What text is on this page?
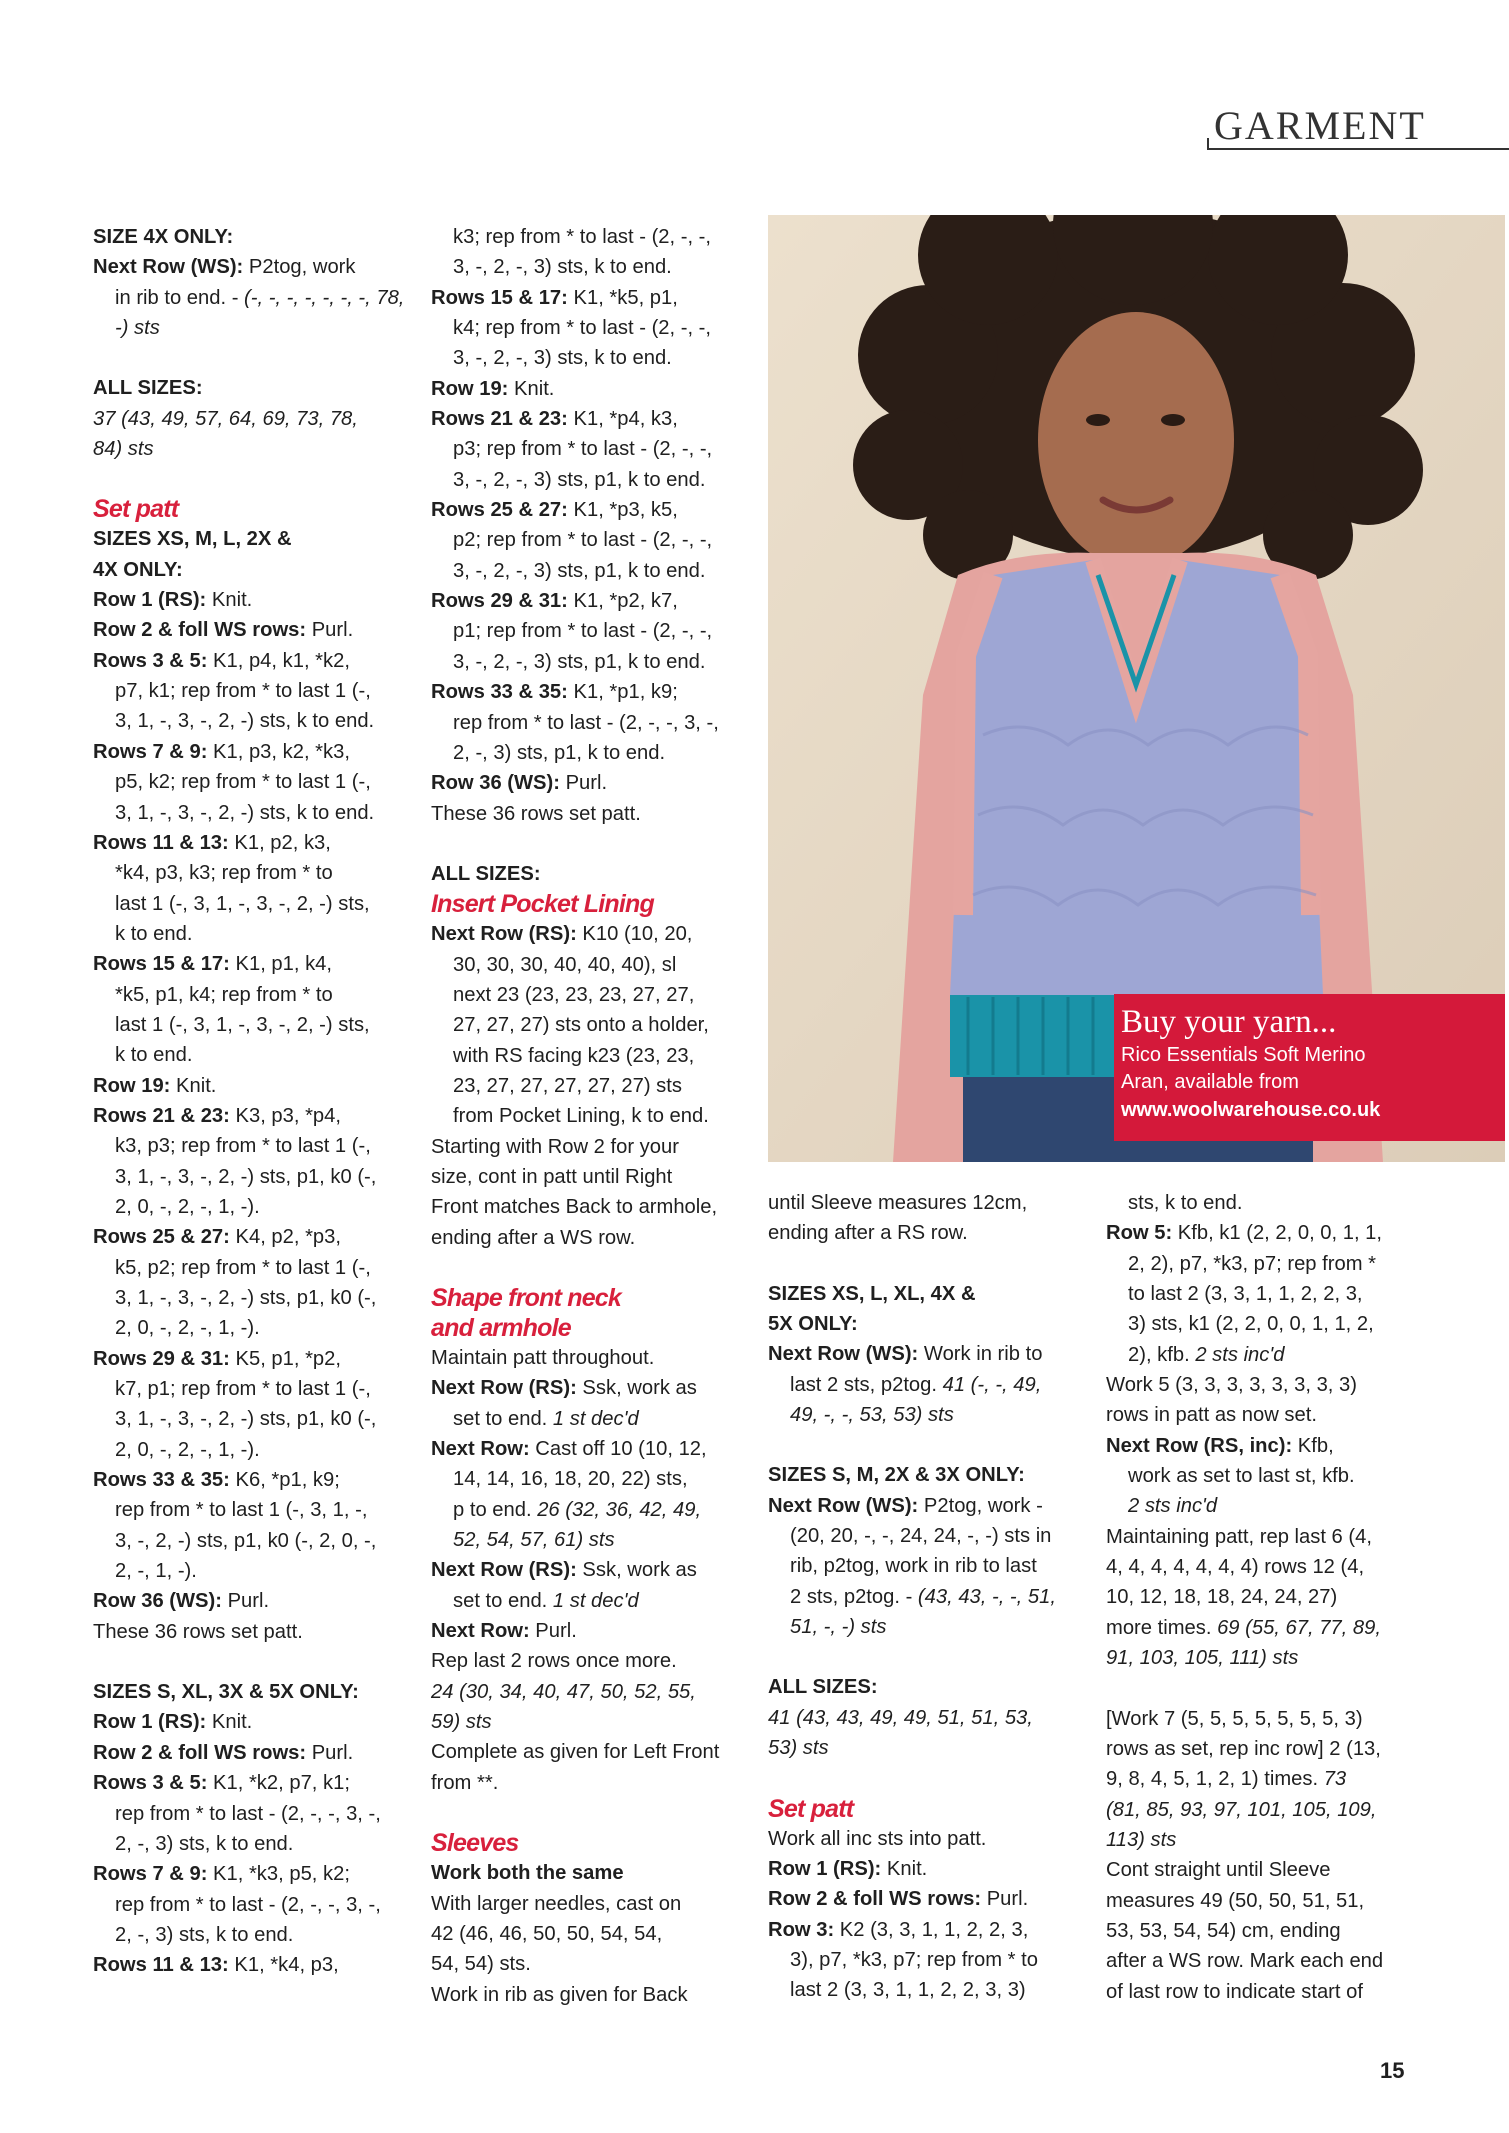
GARMENT
SIZE 4X ONLY:
Next Row (WS): P2tog, work
in rib to end. - (-, -, -, -, -, -, -, 78,
-) sts
ALL SIZES:
37 (43, 49, 57, 64, 69, 73, 78,
84) sts
Set patt
SIZES XS, M, L, 2X &
4X ONLY:
Row 1 (RS): Knit.
Row 2 & foll WS rows: Purl.
Rows 3 & 5: K1, p4, k1, *k2,
p7, k1; rep from * to last 1 (-,
3, 1, -, 3, -, 2, -) sts, k to end.
Rows 7 & 9: K1, p3, k2, *k3,
p5, k2; rep from * to last 1 (-,
3, 1, -, 3, -, 2, -) sts, k to end.
Rows 11 & 13: K1, p2, k3,
*k4, p3, k3; rep from * to
last 1 (-, 3, 1, -, 3, -, 2, -) sts,
k to end.
Rows 15 & 17: K1, p1, k4,
*k5, p1, k4; rep from * to
last 1 (-, 3, 1, -, 3, -, 2, -) sts,
k to end.
Row 19: Knit.
Rows 21 & 23: K3, p3, *p4,
k3, p3; rep from * to last 1 (-,
3, 1, -, 3, -, 2, -) sts, p1, k0 (-,
2, 0, -, 2, -, 1, -).
Rows 25 & 27: K4, p2, *p3,
k5, p2; rep from * to last 1 (-,
3, 1, -, 3, -, 2, -) sts, p1, k0 (-,
2, 0, -, 2, -, 1, -).
Rows 29 & 31: K5, p1, *p2,
k7, p1; rep from * to last 1 (-,
3, 1, -, 3, -, 2, -) sts, p1, k0 (-,
2, 0, -, 2, -, 1, -).
Rows 33 & 35: K6, *p1, k9;
rep from * to last 1 (-, 3, 1, -,
3, -, 2, -) sts, p1, k0 (-, 2, 0, -,
2, -, 1, -).
Row 36 (WS): Purl.
These 36 rows set patt.
SIZES S, XL, 3X & 5X ONLY:
Row 1 (RS): Knit.
Row 2 & foll WS rows: Purl.
Rows 3 & 5: K1, *k2, p7, k1;
rep from * to last - (2, -, -, 3, -,
2, -, 3) sts, k to end.
Rows 7 & 9: K1, *k3, p5, k2;
rep from * to last - (2, -, -, 3, -,
2, -, 3) sts, k to end.
Rows 11 & 13: K1, *k4, p3,
k3; rep from * to last - (2, -, -,
3, -, 2, -, 3) sts, k to end.
Rows 15 & 17: K1, *k5, p1,
k4; rep from * to last - (2, -, -,
3, -, 2, -, 3) sts, k to end.
Row 19: Knit.
Rows 21 & 23: K1, *p4, k3,
p3; rep from * to last - (2, -, -,
3, -, 2, -, 3) sts, p1, k to end.
Rows 25 & 27: K1, *p3, k5,
p2; rep from * to last - (2, -, -,
3, -, 2, -, 3) sts, p1, k to end.
Rows 29 & 31: K1, *p2, k7,
p1; rep from * to last - (2, -, -,
3, -, 2, -, 3) sts, p1, k to end.
Rows 33 & 35: K1, *p1, k9;
rep from * to last - (2, -, -, 3, -,
2, -, 3) sts, p1, k to end.
Row 36 (WS): Purl.
These 36 rows set patt.
ALL SIZES:
Insert Pocket Lining
Next Row (RS): K10 (10, 20,
30, 30, 30, 40, 40, 40), sl
next 23 (23, 23, 23, 27, 27,
27, 27, 27) sts onto a holder,
with RS facing k23 (23, 23,
23, 27, 27, 27, 27, 27) sts
from Pocket Lining, k to end.
Starting with Row 2 for your
size, cont in patt until Right
Front matches Back to armhole,
ending after a WS row.
Shape front neck
and armhole
Maintain patt throughout.
Next Row (RS): Ssk, work as
set to end. 1 st dec'd
Next Row: Cast off 10 (10, 12,
14, 14, 16, 18, 20, 22) sts,
p to end. 26 (32, 36, 42, 49,
52, 54, 57, 61) sts
Next Row (RS): Ssk, work as
set to end. 1 st dec'd
Next Row: Purl.
Rep last 2 rows once more.
24 (30, 34, 40, 47, 50, 52, 55,
59) sts
Complete as given for Left Front
from **.
Sleeves
Work both the same
With larger needles, cast on
42 (46, 46, 50, 50, 54, 54,
54, 54) sts.
Work in rib as given for Back
Buy your yarn...
Rico Essentials Soft Merino
Aran, available from
www.woolwarehouse.co.uk
until Sleeve measures 12cm,
ending after a RS row.
SIZES XS, L, XL, 4X &
5X ONLY:
Next Row (WS): Work in rib to
last 2 sts, p2tog. 41 (-, -, 49,
49, -, -, 53, 53) sts
SIZES S, M, 2X & 3X ONLY:
Next Row (WS): P2tog, work -
(20, 20, -, -, 24, 24, -, -) sts in
rib, p2tog, work in rib to last
2 sts, p2tog. - (43, 43, -, -, 51,
51, -, -) sts
ALL SIZES:
41 (43, 43, 49, 49, 51, 51, 53,
53) sts
Set patt
Work all inc sts into patt.
Row 1 (RS): Knit.
Row 2 & foll WS rows: Purl.
Row 3: K2 (3, 3, 1, 1, 2, 2, 3,
3), p7, *k3, p7; rep from * to
last 2 (3, 3, 1, 1, 2, 2, 3, 3)
sts, k to end.
Row 5: Kfb, k1 (2, 2, 0, 0, 1, 1,
2, 2), p7, *k3, p7; rep from *
to last 2 (3, 3, 1, 1, 2, 2, 3,
3) sts, k1 (2, 2, 0, 0, 1, 1, 2,
2), kfb. 2 sts inc'd
Work 5 (3, 3, 3, 3, 3, 3, 3, 3)
rows in patt as now set.
Next Row (RS, inc): Kfb,
work as set to last st, kfb.
2 sts inc'd
Maintaining patt, rep last 6 (4,
4, 4, 4, 4, 4, 4, 4) rows 12 (4,
10, 12, 18, 18, 24, 24, 27)
more times. 69 (55, 67, 77, 89,
91, 103, 105, 111) sts
[Work 7 (5, 5, 5, 5, 5, 5, 5, 3)
rows as set, rep inc row] 2 (13,
9, 8, 4, 5, 1, 2, 1) times. 73
(81, 85, 93, 97, 101, 105, 109,
113) sts
Cont straight until Sleeve
measures 49 (50, 50, 51, 51,
53, 53, 54, 54) cm, ending
after a WS row. Mark each end
of last row to indicate start of
15
